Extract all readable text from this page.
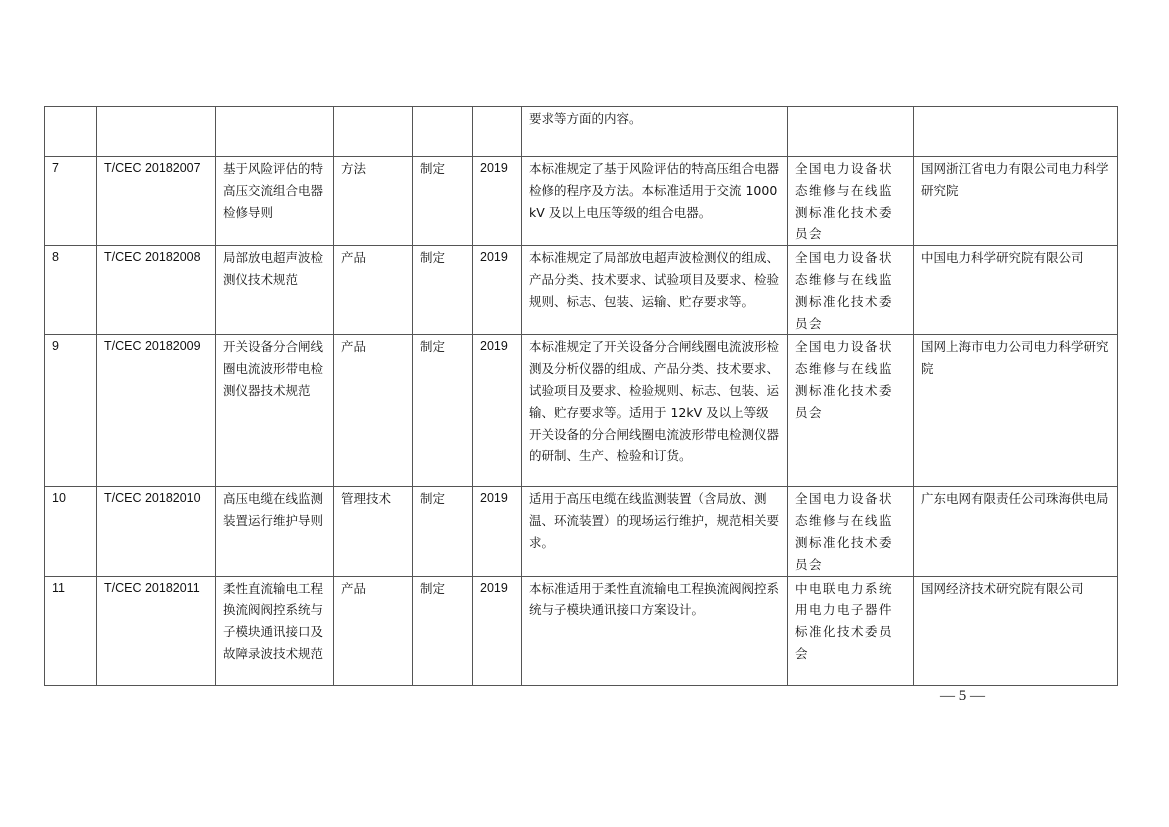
						要求等方面的内容。		
7	T/CEC 20182007	基于风险评估的特高压交流组合电器检修导则	方法	制定	2019	本标准规定了基于风险评估的特高压组合电器检修的程序及方法。本标准适用于交流 1000kV 及以上电压等级的组合电器。	全国电力设备状态维修与在线监测标准化技术委员会	国网浙江省电力有限公司电力科学研究院
8	T/CEC 20182008	局部放电超声波检测仪技术规范	产品	制定	2019	本标准规定了局部放电超声波检测仪的组成、产品分类、技术要求、试验项目及要求、检验规则、标志、包装、运输、贮存要求等。	全国电力设备状态维修与在线监测标准化技术委员会	中国电力科学研究院有限公司
9	T/CEC 20182009	开关设备分合闸线圈电流波形带电检测仪器技术规范	产品	制定	2019	本标准规定了开关设备分合闸线圈电流波形检测及分析仪器的组成、产品分类、技术要求、试验项目及要求、检验规则、标志、包装、运输、贮存要求等。适用于 12kV 及以上等级开关设备的分合闸线圈电流波形带电检测仪器的研制、生产、检验和订货。	全国电力设备状态维修与在线监测标准化技术委员会	国网上海市电力公司电力科学研究院
10	T/CEC 20182010	高压电缆在线监测装置运行维护导则	管理技术	制定	2019	适用于高压电缆在线监测装置（含局放、测温、环流装置）的现场运行维护，规范相关要求。	全国电力设备状态维修与在线监测标准化技术委员会	广东电网有限责任公司珠海供电局
11	T/CEC 20182011	柔性直流输电工程换流阀阀控系统与子模块通讯接口及故障录波技术规范	产品	制定	2019	本标准适用于柔性直流输电工程换流阀阀控系统与子模块通讯接口方案设计。	中电联电力系统用电力电子器件标准化技术委员会	国网经济技术研究院有限公司
— 5 —
